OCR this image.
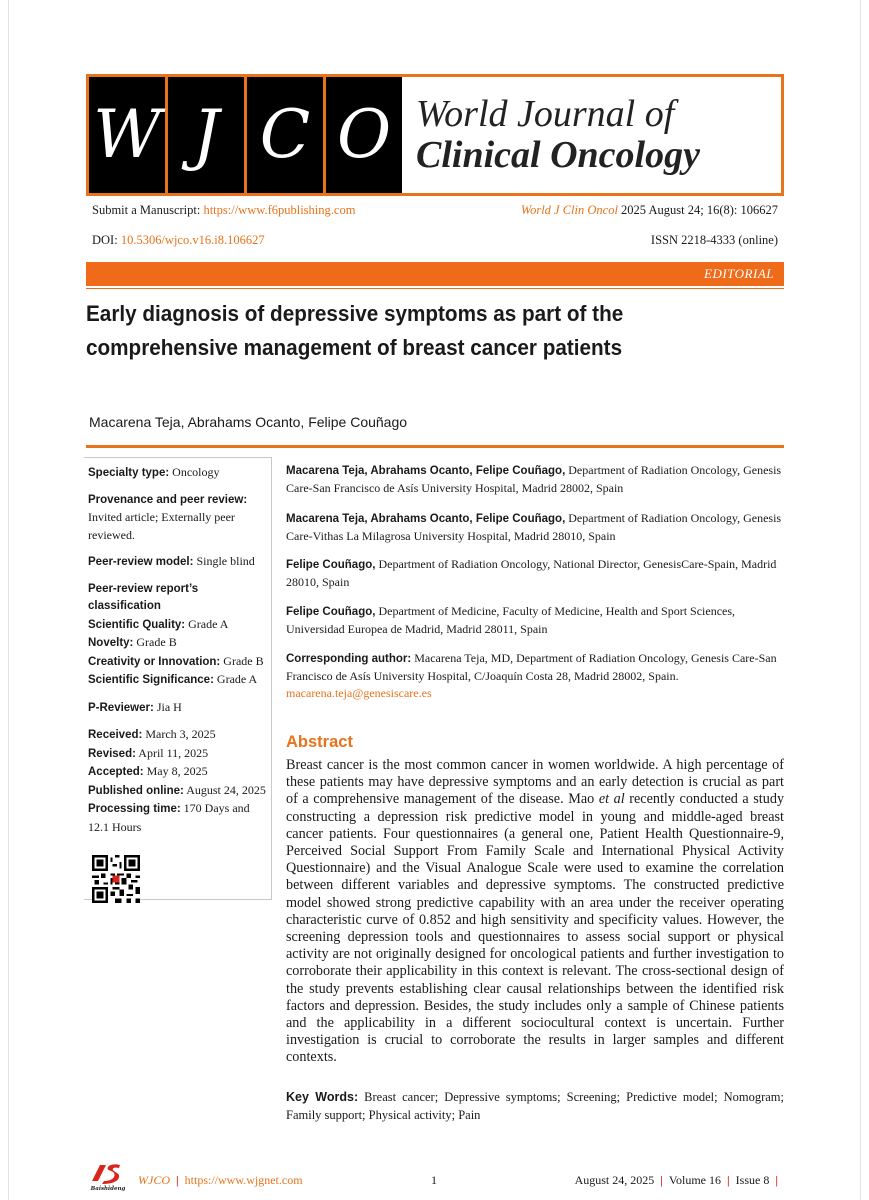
W J C O World Journal of
Clinical Oncology
Submit a Manuscript: https://www.f6publishing.com	World J Clin Oncol 2025 August 24; 16(8): 106627
DOI: 10.5306/wjco.v16.i8.106627	ISSN 2218-4333 (online)
EDITORIAL
Early diagnosis of depressive symptoms as part of the comprehensive management of breast cancer patients
Macarena Teja, Abrahams Ocanto, Felipe Couñago
Specialty type: Oncology
Provenance and peer review:
Invited article; Externally peer reviewed.
Peer-review model: Single blind
Peer-review report’s classification
Scientific Quality: Grade A
Novelty: Grade B
Creativity or Innovation: Grade B
Scientific Significance: Grade A
P-Reviewer: Jia H
Received: March 3, 2025
Revised: April 11, 2025
Accepted: May 8, 2025
Published online: August 24, 2025
Processing time: 170 Days and 12.1 Hours
Macarena Teja, Abrahams Ocanto, Felipe Couñago, Department of Radiation Oncology, Genesis Care-San Francisco de Asís University Hospital, Madrid 28002, Spain
Macarena Teja, Abrahams Ocanto, Felipe Couñago, Department of Radiation Oncology, Genesis Care-Vithas La Milagrosa University Hospital, Madrid 28010, Spain
Felipe Couñago, Department of Radiation Oncology, National Director, GenesisCare-Spain, Madrid 28010, Spain
Felipe Couñago, Department of Medicine, Faculty of Medicine, Health and Sport Sciences, Universidad Europea de Madrid, Madrid 28011, Spain
Corresponding author: Macarena Teja, MD, Department of Radiation Oncology, Genesis Care-San Francisco de Asís University Hospital, C/Joaquín Costa 28, Madrid 28002, Spain.
macarena.teja@genesiscare.es
Abstract
Breast cancer is the most common cancer in women worldwide. A high percentage of these patients may have depressive symptoms and an early detection is crucial as part of a comprehensive management of the disease. Mao et al recently conducted a study constructing a depression risk predictive model in young and middle-aged breast cancer patients. Four questionnaires (a general one, Patient Health Questionnaire-9, Perceived Social Support From Family Scale and International Physical Activity Questionnaire) and the Visual Analogue Scale were used to examine the correlation between different variables and depressive symptoms. The constructed predictive model showed strong predictive capability with an area under the receiver operating characteristic curve of 0.852 and high sensitivity and specificity values. However, the screening depression tools and questionnaires to assess social support or physical activity are not originally designed for oncological patients and further investigation to corroborate their applicability in this context is relevant. The cross-sectional design of the study prevents establishing clear causal relationships between the identified risk factors and depression. Besides, the study includes only a sample of Chinese patients and the applicability in a different sociocultural context is uncertain. Further investigation is crucial to corroborate the results in larger samples and different contexts.
Key Words: Breast cancer; Depressive symptoms; Screening; Predictive model; Nomogram; Family support; Physical activity; Pain
Baishideng
WJCO | https://www.wjgnet.com	1	August 24, 2025 | Volume 16 | Issue 8 |
